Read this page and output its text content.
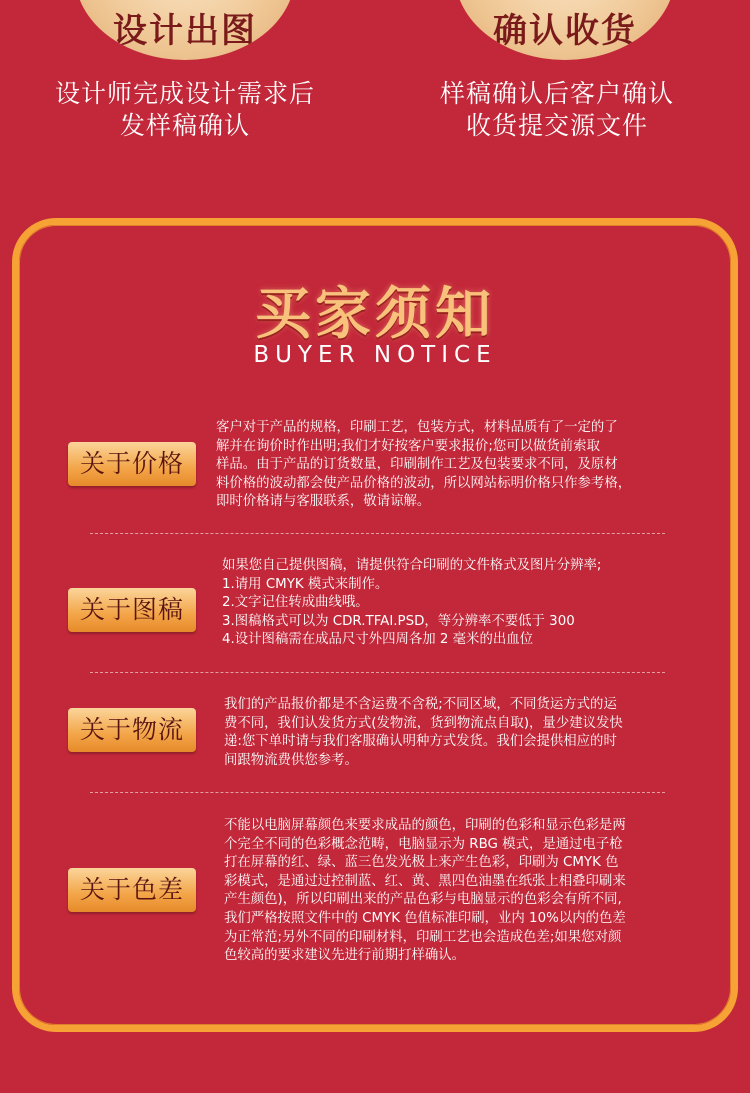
设计出图	确认收货
设计师完成设计需求后
发样稿确认
样稿确认后客户确认
收货提交源文件
买家须知
BUYER NOTICE
关于价格
客户对于产品的规格，印刷工艺，包装方式，材料品质有了一定的了
解并在询价时作出明;我们才好按客户要求报价;您可以做货前索取
样品。由于产品的订货数量，印刷制作工艺及包装要求不同，及原材
料价格的波动都会使产品价格的波动，所以网站标明价格只作参考格，
即时价格请与客服联系，敬请谅解。
关于图稿
如果您自己提供图稿，请提供符合印刷的文件格式及图片分辨率;
1.请用 CMYK 模式来制作。
2.文字记住转成曲线哦。
3.图稿格式可以为 CDR.TFAI.PSD，等分辨率不要低于 300
4.设计图稿需在成品尺寸外四周各加 2 毫米的出血位
关于物流
我们的产品报价都是不含运费不含税;不同区域，不同货运方式的运
费不同，我们认发货方式(发物流，货到物流点自取)，量少建议发快
递:您下单时请与我们客服确认明种方式发货。我们会提供相应的时
间跟物流费供您参考。
关于色差
不能以电脑屏幕颜色来要求成品的颜色，印刷的色彩和显示色彩是两
个完全不同的色彩概念范畴，电脑显示为 RBG 模式，是通过电子枪
打在屏幕的红、绿、蓝三色发光极上来产生色彩，印刷为 CMYK 色
彩模式，是通过过控制蓝、红、黄、黑四色油墨在纸张上相叠印刷来
产生颜色)，所以印刷出来的产品色彩与电脑显示的色彩会有所不同,
我们严格按照文件中的 CMYK 色值标准印刷，业内 10%以内的色差
为正常范;另外不同的印刷材料，印刷工艺也会造成色差;如果您对颜
色较高的要求建议先进行前期打样确认。
